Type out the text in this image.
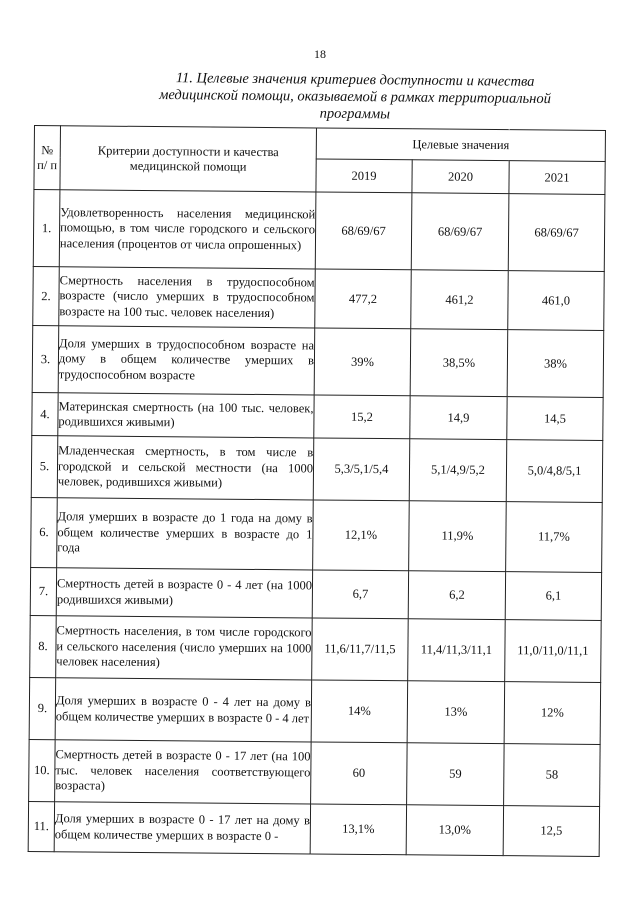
18
11. Целевые значения критериев доступности и качества
медицинской помощи, оказываемой в рамках территориальной
программы
№ п/ п	Критерии доступности и качества медицинской помощи	Целевые значения		
		2019	2020	2021
1.	Удовлетворенность населения медицинской помощью, в том числе городского и сельского населения (процентов от числа опрошенных)	68/69/67	68/69/67	68/69/67
2.	Смертность населения в трудоспособном возрасте (число умерших в трудоспособном возрасте на 100 тыс. человек населения)	477,2	461,2	461,0
3.	Доля умерших в трудоспособном возрасте на дому в общем количестве умерших в трудоспособном возрасте	39%	38,5%	38%
4.	Материнская смертность (на 100 тыс. человек, родившихся живыми)	15,2	14,9	14,5
5.	Младенческая смертность, в том числе в городской и сельской местности (на 1000 человек, родившихся живыми)	5,3/5,1/5,4	5,1/4,9/5,2	5,0/4,8/5,1
6.	Доля умерших в возрасте до 1 года на дому в общем количестве умерших в возрасте до 1 года	12,1%	11,9%	11,7%
7.	Смертность детей в возрасте 0 - 4 лет (на 1000 родившихся живыми)	6,7	6,2	6,1
8.	Смертность населения, в том числе городского и сельского населения (число умерших на 1000 человек населения)	11,6/11,7/11,5	11,4/11,3/11,1	11,0/11,0/11,1
9.	Доля умерших в возрасте 0 - 4 лет на дому в общем количестве умерших в возрасте 0 - 4 лет	14%	13%	12%
10.	Смертность детей в возрасте 0 - 17 лет (на 100 тыс. человек населения соответствующего возраста)	60	59	58
11.	Доля умерших в возрасте 0 - 17 лет на дому в общем количестве умерших в возрасте 0 -	13,1%	13,0%	12,5
